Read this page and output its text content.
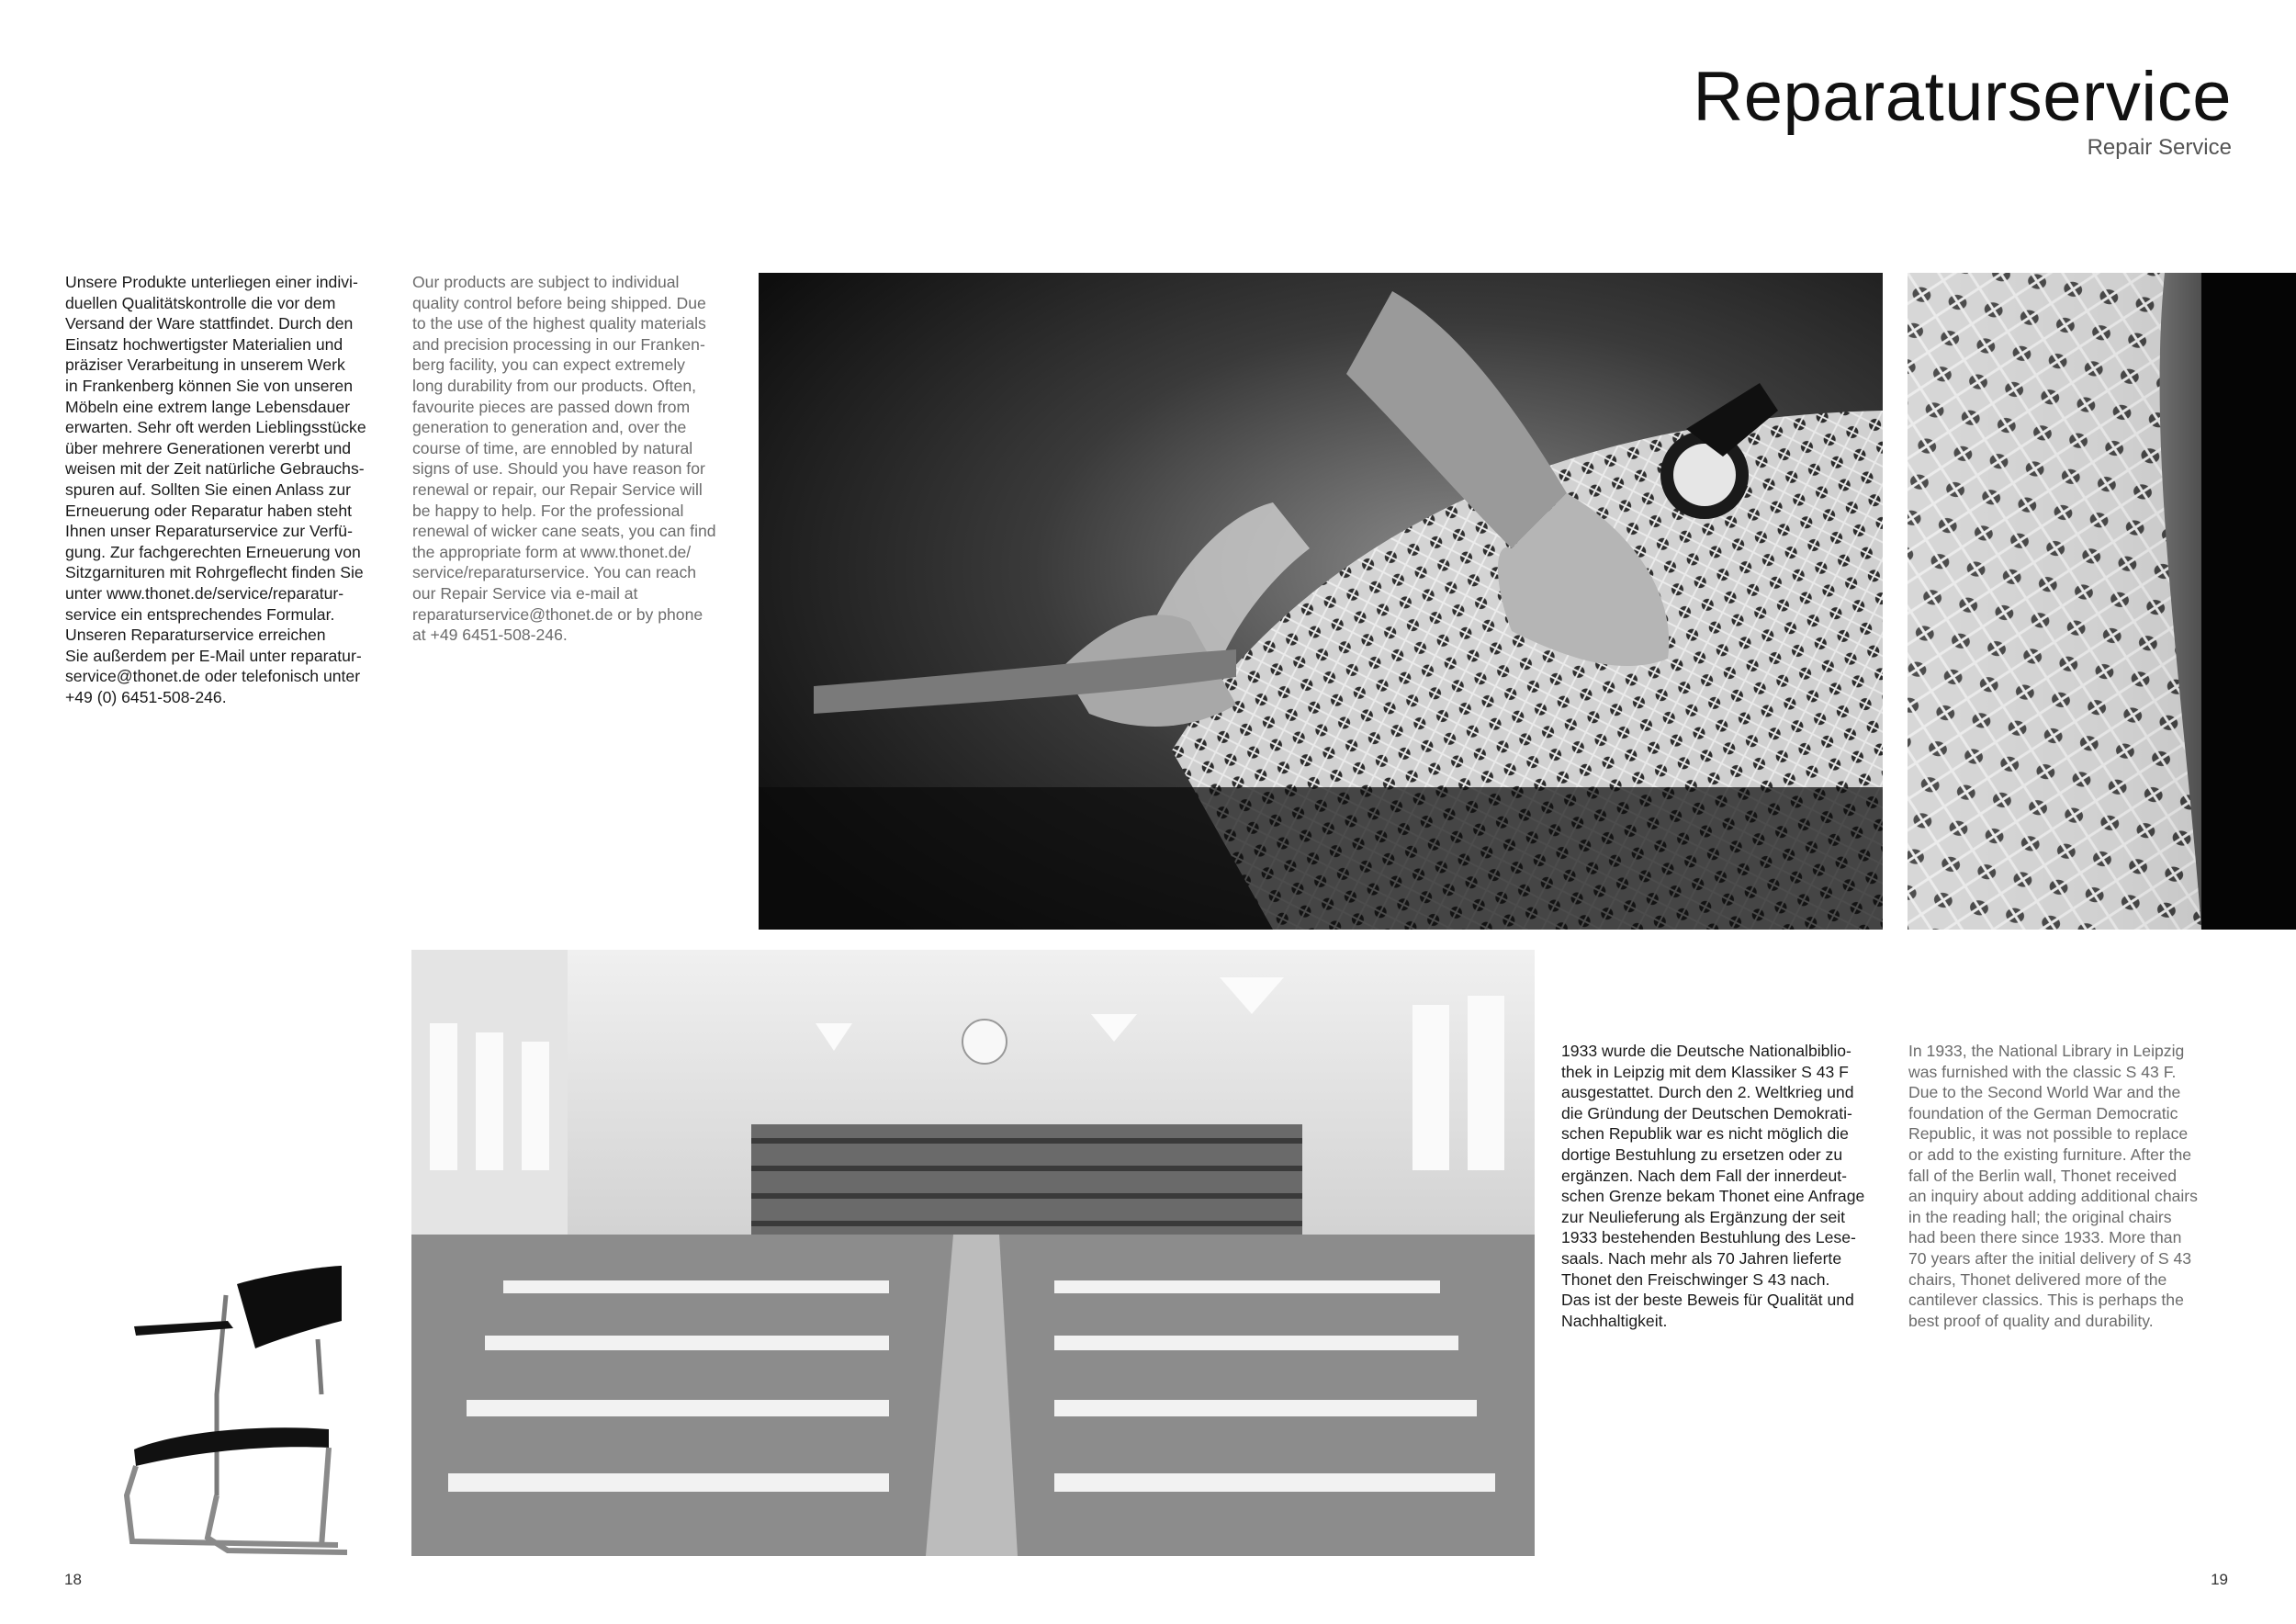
Reparaturservice
Repair Service

Unsere Produkte unterliegen einer indivi-
duellen Qualitätskontrolle die vor dem
Versand der Ware stattfindet. Durch den
Einsatz hochwertigster Materialien und
präziser Verarbeitung in unserem Werk
in Frankenberg können Sie von unseren
Möbeln eine extrem lange Lebensdauer
erwarten. Sehr oft werden Lieblingsstücke
über mehrere Generationen vererbt und
weisen mit der Zeit natürliche Gebrauchs-
spuren auf. Sollten Sie einen Anlass zur
Erneuerung oder Reparatur haben steht
Ihnen unser Reparaturservice zur Verfü-
gung. Zur fachgerechten Erneuerung von
Sitzgarnituren mit Rohrgeflecht finden Sie
unter www.thonet.de/service/reparatur-
service ein entsprechendes Formular.
Unseren Reparaturservice erreichen
Sie außerdem per E-Mail unter reparatur-
service@thonet.de oder telefonisch unter
+49 (0) 6451-508-246.

Our products are subject to individual
quality control before being shipped. Due
to the use of the highest quality materials
and precision processing in our Franken-
berg facility, you can expect extremely
long durability from our products. Often,
favourite pieces are passed down from
generation to generation and, over the
course of time, are ennobled by natural
signs of use. Should you have reason for
renewal or repair, our Repair Service will
be happy to help. For the professional
renewal of wicker cane seats, you can find
the appropriate form at www.thonet.de/
service/reparaturservice. You can reach
our Repair Service via e-mail at
reparaturservice@thonet.de or by phone
at +49 6451-508-246.

1933 wurde die Deutsche Nationalbiblio-
thek in Leipzig mit dem Klassiker S 43 F
ausgestattet. Durch den 2. Weltkrieg und
die Gründung der Deutschen Demokrati-
schen Republik war es nicht möglich die
dortige Bestuhlung zu ersetzen oder zu
ergänzen. Nach dem Fall der innerdeut-
schen Grenze bekam Thonet eine Anfrage
zur Neulieferung als Ergänzung der seit
1933 bestehenden Bestuhlung des Lese-
saals. Nach mehr als 70 Jahren lieferte
Thonet den Freischwinger S 43 nach.
Das ist der beste Beweis für Qualität und
Nachhaltigkeit.

In 1933, the National Library in Leipzig
was furnished with the classic S 43 F.
Due to the Second World War and the
foundation of the German Democratic
Republic, it was not possible to replace
or add to the existing furniture. After the
fall of the Berlin wall, Thonet received
an inquiry about adding additional chairs
in the reading hall; the original chairs
had been there since 1933. More than
70 years after the initial delivery of S 43
chairs, Thonet delivered more of the
cantilever classics. This is perhaps the
best proof of quality and durability.

18	19
